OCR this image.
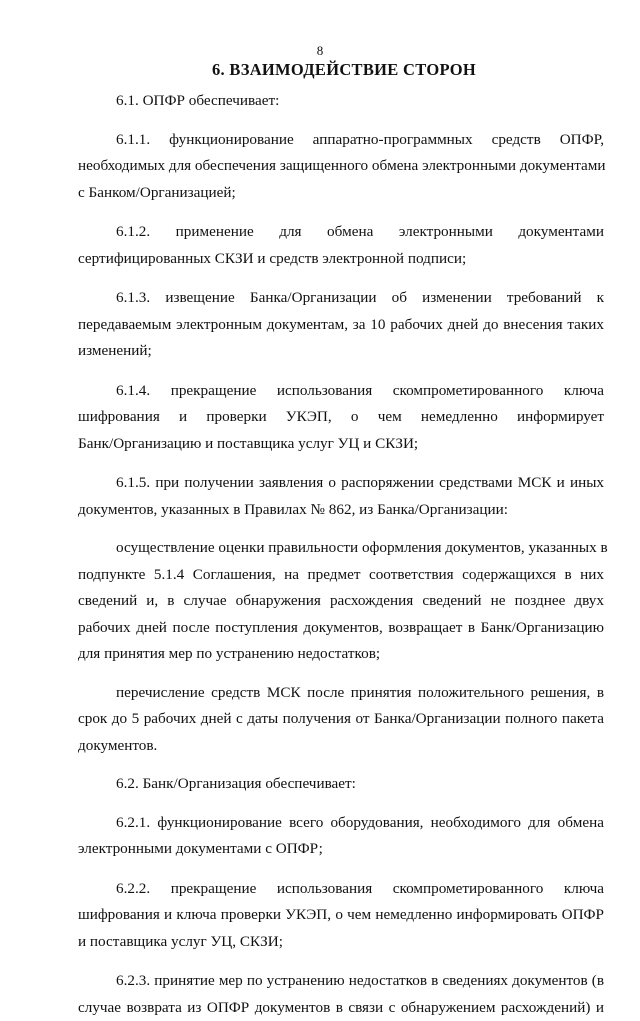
8
6. ВЗАИМОДЕЙСТВИЕ СТОРОН

6.1. ОПФР обеспечивает:

6.1.1. функционирование аппаратно-программных средств ОПФР,
необходимых для обеспечения защищенного обмена электронными документами
с Банком/Организацией;

6.1.2. применение для обмена электронными документами
сертифицированных СКЗИ и средств электронной подписи;

6.1.3. извещение Банка/Организации об изменении требований к
передаваемым электронным документам, за 10 рабочих дней до внесения таких
изменений;

6.1.4. прекращение использования скомпрометированного ключа
шифрования и проверки УКЭП, о чем немедленно информирует
Банк/Организацию и поставщика услуг УЦ и СКЗИ;

6.1.5. при получении заявления о распоряжении средствами МСК и иных
документов, указанных в Правилах № 862, из Банка/Организации:

осуществление оценки правильности оформления документов, указанных в
подпункте 5.1.4 Соглашения, на предмет соответствия содержащихся в них
сведений и, в случае обнаружения расхождения сведений не позднее двух
рабочих дней после поступления документов, возвращает в Банк/Организацию
для принятия мер по устранению недостатков;

перечисление средств МСК после принятия положительного решения, в
срок до 5 рабочих дней с даты получения от Банка/Организации полного пакета
документов.

6.2. Банк/Организация обеспечивает:

6.2.1. функционирование всего оборудования, необходимого для обмена
электронными документами с ОПФР;

6.2.2. прекращение использования скомпрометированного ключа
шифрования и ключа проверки УКЭП, о чем немедленно информировать ОПФР
и поставщика услуг УЦ, СКЗИ;

6.2.3. принятие мер по устранению недостатков в сведениях документов (в
случае возврата из ОПФР документов в связи с обнаружением расхождений) и
